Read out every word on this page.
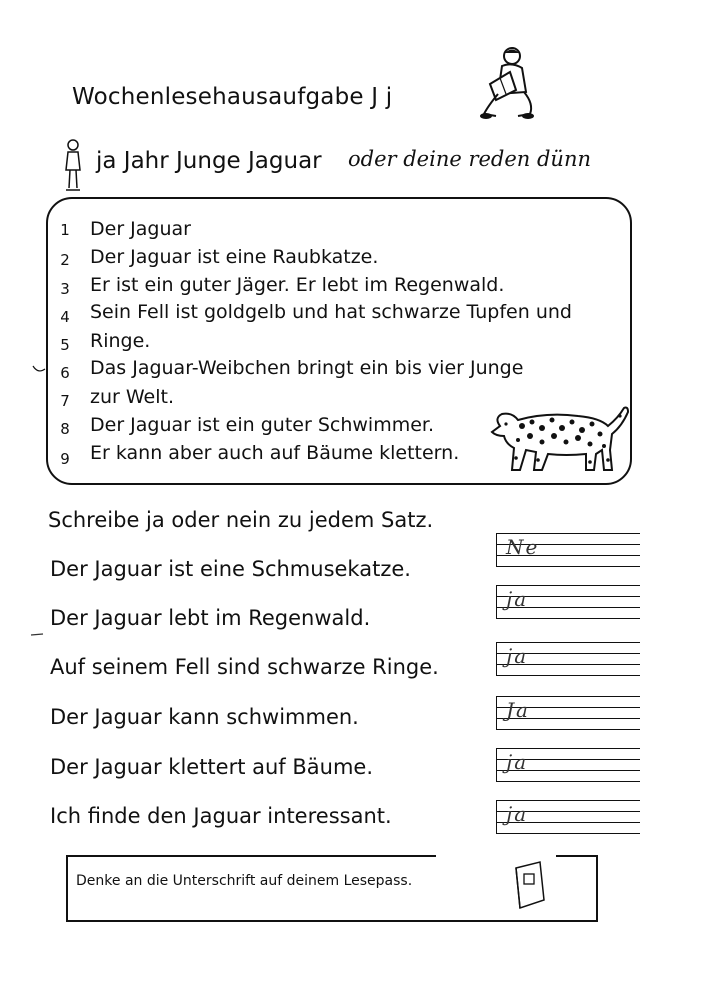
Wochenlesehausaufgabe J j
ja Jahr Junge Jaguar oder deine reden dünn
1 Der Jaguar
2 Der Jaguar ist eine Raubkatze.
3 Er ist ein guter Jäger. Er lebt im Regenwald.
4 Sein Fell ist goldgelb und hat schwarze Tupfen und
5 Ringe.
6 Das Jaguar-Weibchen bringt ein bis vier Junge
7 zur Welt.
8 Der Jaguar ist ein guter Schwimmer.
9 Er kann aber auch auf Bäume klettern.
Schreibe ja oder nein zu jedem Satz.
Der Jaguar ist eine Schmusekatze.
Der Jaguar lebt im Regenwald.
Auf seinem Fell sind schwarze Ringe.
Der Jaguar kann schwimmen.
Der Jaguar klettert auf Bäume.
Ich finde den Jaguar interessant.
Ne
ja
ja
Ja
ja
ja
Denke an die Unterschrift auf deinem Lesepass.
